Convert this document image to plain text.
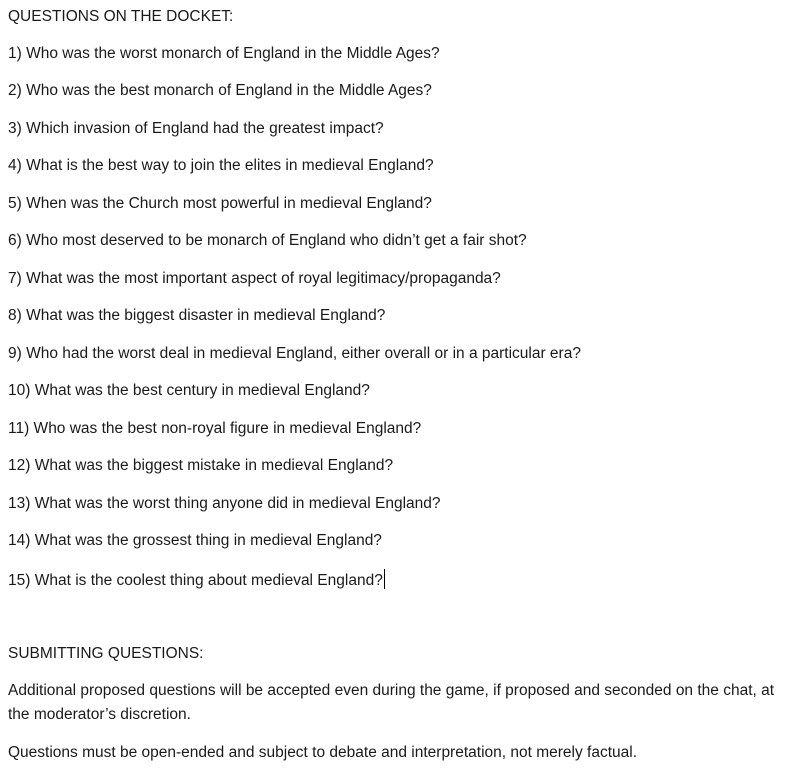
QUESTIONS ON THE DOCKET:
1) Who was the worst monarch of England in the Middle Ages?
2) Who was the best monarch of England in the Middle Ages?
3) Which invasion of England had the greatest impact?
4) What is the best way to join the elites in medieval England?
5) When was the Church most powerful in medieval England?
6) Who most deserved to be monarch of England who didn’t get a fair shot?
7) What was the most important aspect of royal legitimacy/propaganda?
8) What was the biggest disaster in medieval England?
9) Who had the worst deal in medieval England, either overall or in a particular era?
10) What was the best century in medieval England?
11) Who was the best non-royal figure in medieval England?
12) What was the biggest mistake in medieval England?
13) What was the worst thing anyone did in medieval England?
14) What was the grossest thing in medieval England?
15) What is the coolest thing about medieval England?
SUBMITTING QUESTIONS:
Additional proposed questions will be accepted even during the game, if proposed and seconded on the chat, at the moderator’s discretion.
Questions must be open-ended and subject to debate and interpretation, not merely factual.
